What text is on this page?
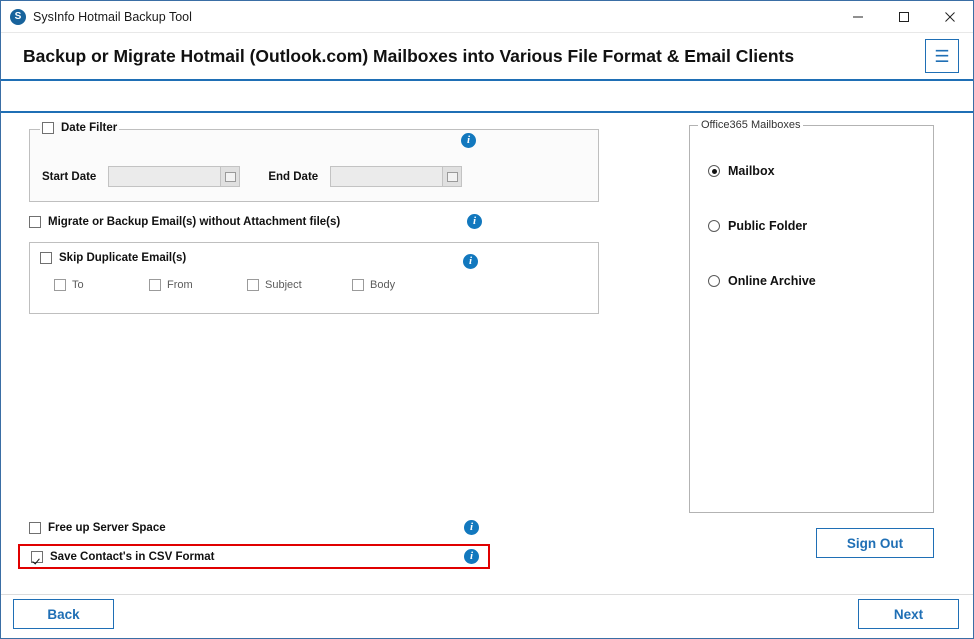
S SysInfo Hotmail Backup Tool
Backup or Migrate Hotmail (Outlook.com) Mailboxes into Various File Format & Email Clients	☰
Date Filter
i
Start Date	End Date
Migrate or Backup Email(s) without Attachment file(s)	i
Skip Duplicate Email(s)	i
To	From	Subject	Body
Free up Server Space	i
Save Contact's in CSV Format	i
Office365 Mailboxes
Mailbox
Public Folder
Online Archive
Sign Out
Back	Next
